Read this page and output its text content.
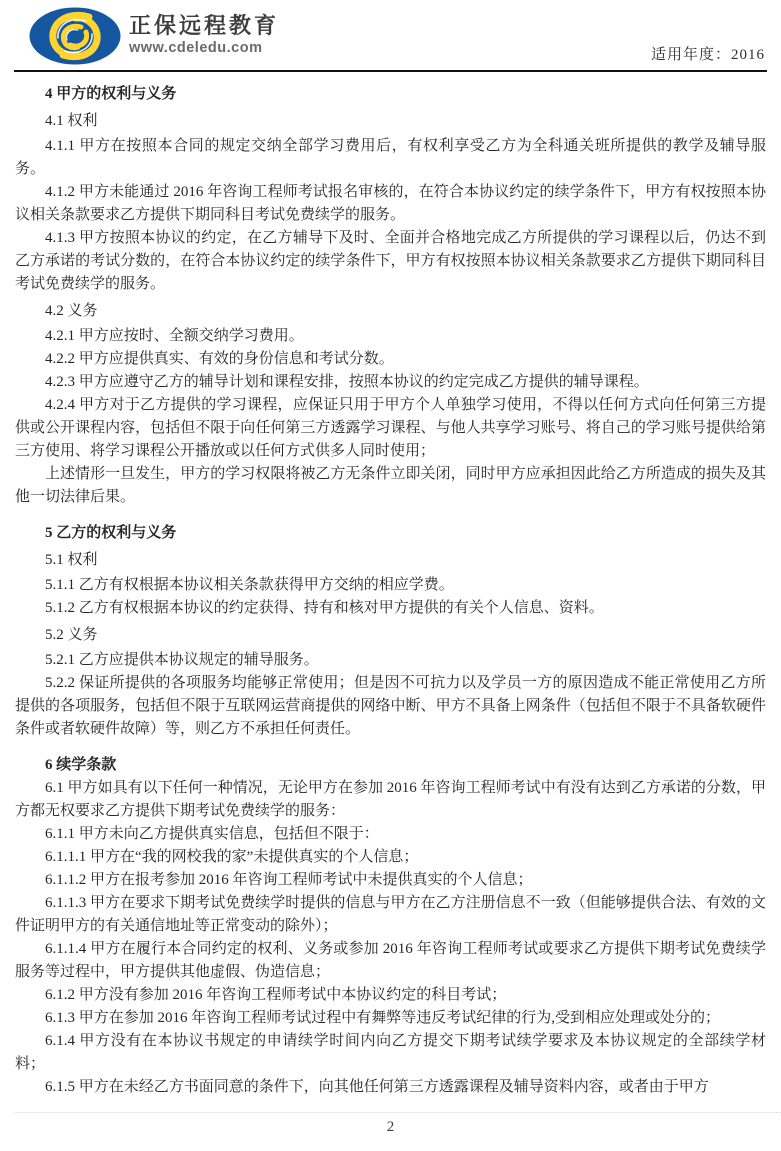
正保远程教育
www.cdeledu.com	适用年度：2016

4 甲方的权利与义务

4.1 权利

4.1.1 甲方在按照本合同的规定交纳全部学习费用后，有权利享受乙方为全科通关班所提供的教学及辅导服务。

4.1.2 甲方未能通过 2016 年咨询工程师考试报名审核的，在符合本协议约定的续学条件下，甲方有权按照本协议相关条款要求乙方提供下期同科目考试免费续学的服务。

4.1.3 甲方按照本协议的约定，在乙方辅导下及时、全面并合格地完成乙方所提供的学习课程以后，仍达不到乙方承诺的考试分数的，在符合本协议约定的续学条件下，甲方有权按照本协议相关条款要求乙方提供下期同科目考试免费续学的服务。

4.2 义务

4.2.1 甲方应按时、全额交纳学习费用。

4.2.2 甲方应提供真实、有效的身份信息和考试分数。

4.2.3 甲方应遵守乙方的辅导计划和课程安排，按照本协议的约定完成乙方提供的辅导课程。

4.2.4 甲方对于乙方提供的学习课程，应保证只用于甲方个人单独学习使用，不得以任何方式向任何第三方提供或公开课程内容，包括但不限于向任何第三方透露学习课程、与他人共享学习账号、将自己的学习账号提供给第三方使用、将学习课程公开播放或以任何方式供多人同时使用；

上述情形一旦发生，甲方的学习权限将被乙方无条件立即关闭，同时甲方应承担因此给乙方所造成的损失及其他一切法律后果。

5 乙方的权利与义务

5.1 权利

5.1.1 乙方有权根据本协议相关条款获得甲方交纳的相应学费。

5.1.2 乙方有权根据本协议的约定获得、持有和核对甲方提供的有关个人信息、资料。

5.2 义务

5.2.1 乙方应提供本协议规定的辅导服务。

5.2.2 保证所提供的各项服务均能够正常使用；但是因不可抗力以及学员一方的原因造成不能正常使用乙方所提供的各项服务，包括但不限于互联网运营商提供的网络中断、甲方不具备上网条件（包括但不限于不具备软硬件条件或者软硬件故障）等，则乙方不承担任何责任。

6 续学条款

6.1 甲方如具有以下任何一种情况，无论甲方在参加 2016 年咨询工程师考试中有没有达到乙方承诺的分数，甲方都无权要求乙方提供下期考试免费续学的服务：

6.1.1 甲方未向乙方提供真实信息，包括但不限于：

6.1.1.1 甲方在“我的网校我的家”未提供真实的个人信息；

6.1.1.2 甲方在报考参加 2016 年咨询工程师考试中未提供真实的个人信息；

6.1.1.3 甲方在要求下期考试免费续学时提供的信息与甲方在乙方注册信息不一致（但能够提供合法、有效的文件证明甲方的有关通信地址等正常变动的除外）；

6.1.1.4 甲方在履行本合同约定的权利、义务或参加 2016 年咨询工程师考试或要求乙方提供下期考试免费续学服务等过程中，甲方提供其他虚假、伪造信息；

6.1.2 甲方没有参加 2016 年咨询工程师考试中本协议约定的科目考试；

6.1.3 甲方在参加 2016 年咨询工程师考试过程中有舞弊等违反考试纪律的行为,受到相应处理或处分的；

6.1.4 甲方没有在本协议书规定的申请续学时间内向乙方提交下期考试续学要求及本协议规定的全部续学材料；

6.1.5 甲方在未经乙方书面同意的条件下，向其他任何第三方透露课程及辅导资料内容，或者由于甲方

2
